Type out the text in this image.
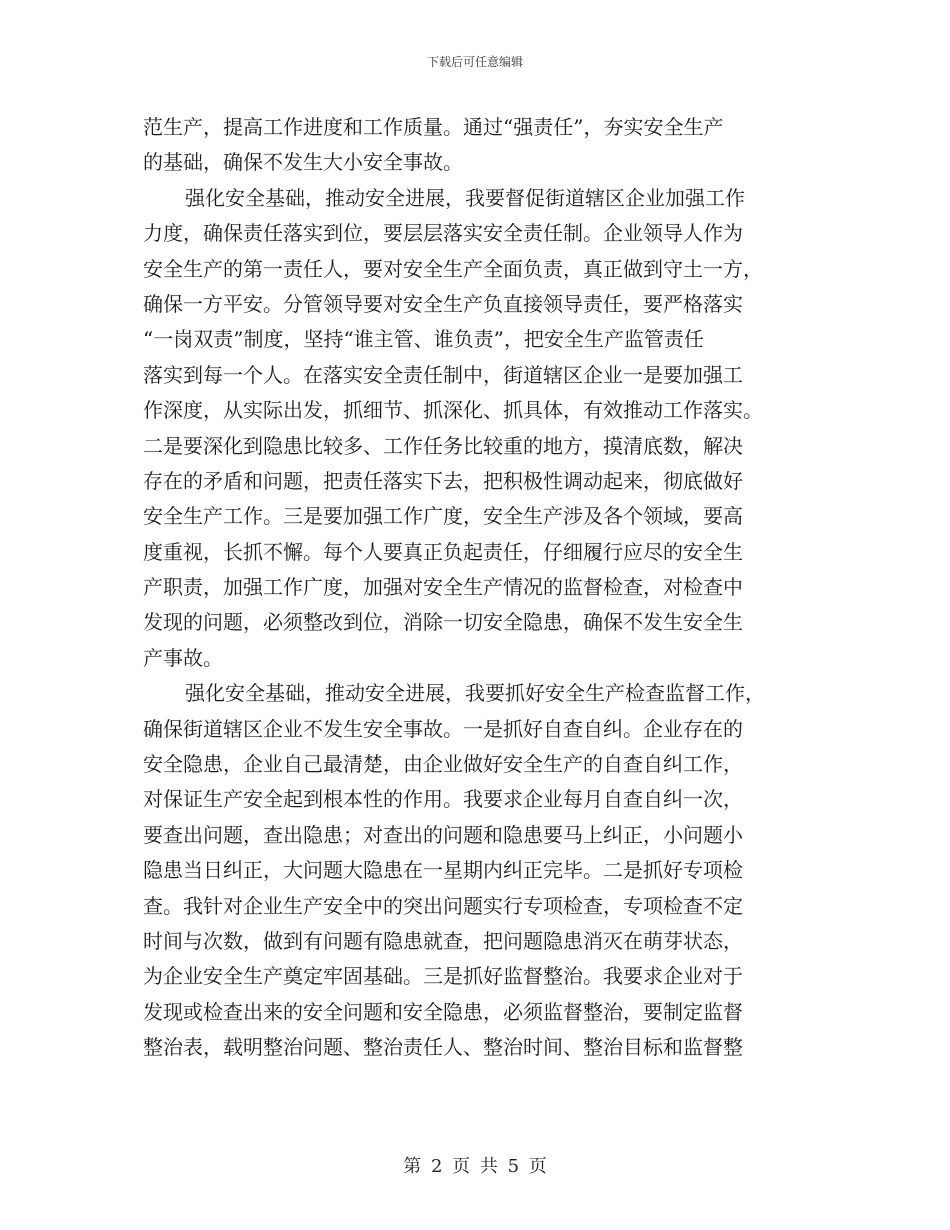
下载后可任意编辑
范生产，提高工作进度和工作质量。通过“强责任”，夯实安全生产
的基础，确保不发生大小安全事故。
强化安全基础，推动安全进展，我要督促街道辖区企业加强工作
力度，确保责任落实到位，要层层落实安全责任制。企业领导人作为
安全生产的第一责任人，要对安全生产全面负责，真正做到守土一方，
确保一方平安。分管领导要对安全生产负直接领导责任，要严格落实
“一岗双责”制度，坚持“谁主管、谁负责”，把安全生产监管责任
落实到每一个人。在落实安全责任制中，街道辖区企业一是要加强工
作深度，从实际出发，抓细节、抓深化、抓具体，有效推动工作落实。
二是要深化到隐患比较多、工作任务比较重的地方，摸清底数，解决
存在的矛盾和问题，把责任落实下去，把积极性调动起来，彻底做好
安全生产工作。三是要加强工作广度，安全生产涉及各个领域，要高
度重视，长抓不懈。每个人要真正负起责任，仔细履行应尽的安全生
产职责，加强工作广度，加强对安全生产情况的监督检查，对检查中
发现的问题，必须整改到位，消除一切安全隐患，确保不发生安全生
产事故。
强化安全基础，推动安全进展，我要抓好安全生产检查监督工作，
确保街道辖区企业不发生安全事故。一是抓好自查自纠。企业存在的
安全隐患，企业自己最清楚，由企业做好安全生产的自查自纠工作，
对保证生产安全起到根本性的作用。我要求企业每月自查自纠一次，
要查出问题，查出隐患；对查出的问题和隐患要马上纠正，小问题小
隐患当日纠正，大问题大隐患在一星期内纠正完毕。二是抓好专项检
查。我针对企业生产安全中的突出问题实行专项检查，专项检查不定
时间与次数，做到有问题有隐患就查，把问题隐患消灭在萌芽状态，
为企业安全生产奠定牢固基础。三是抓好监督整治。我要求企业对于
发现或检查出来的安全问题和安全隐患，必须监督整治，要制定监督
整治表，载明整治问题、整治责任人、整治时间、整治目标和监督整
第 2 页 共 5 页
